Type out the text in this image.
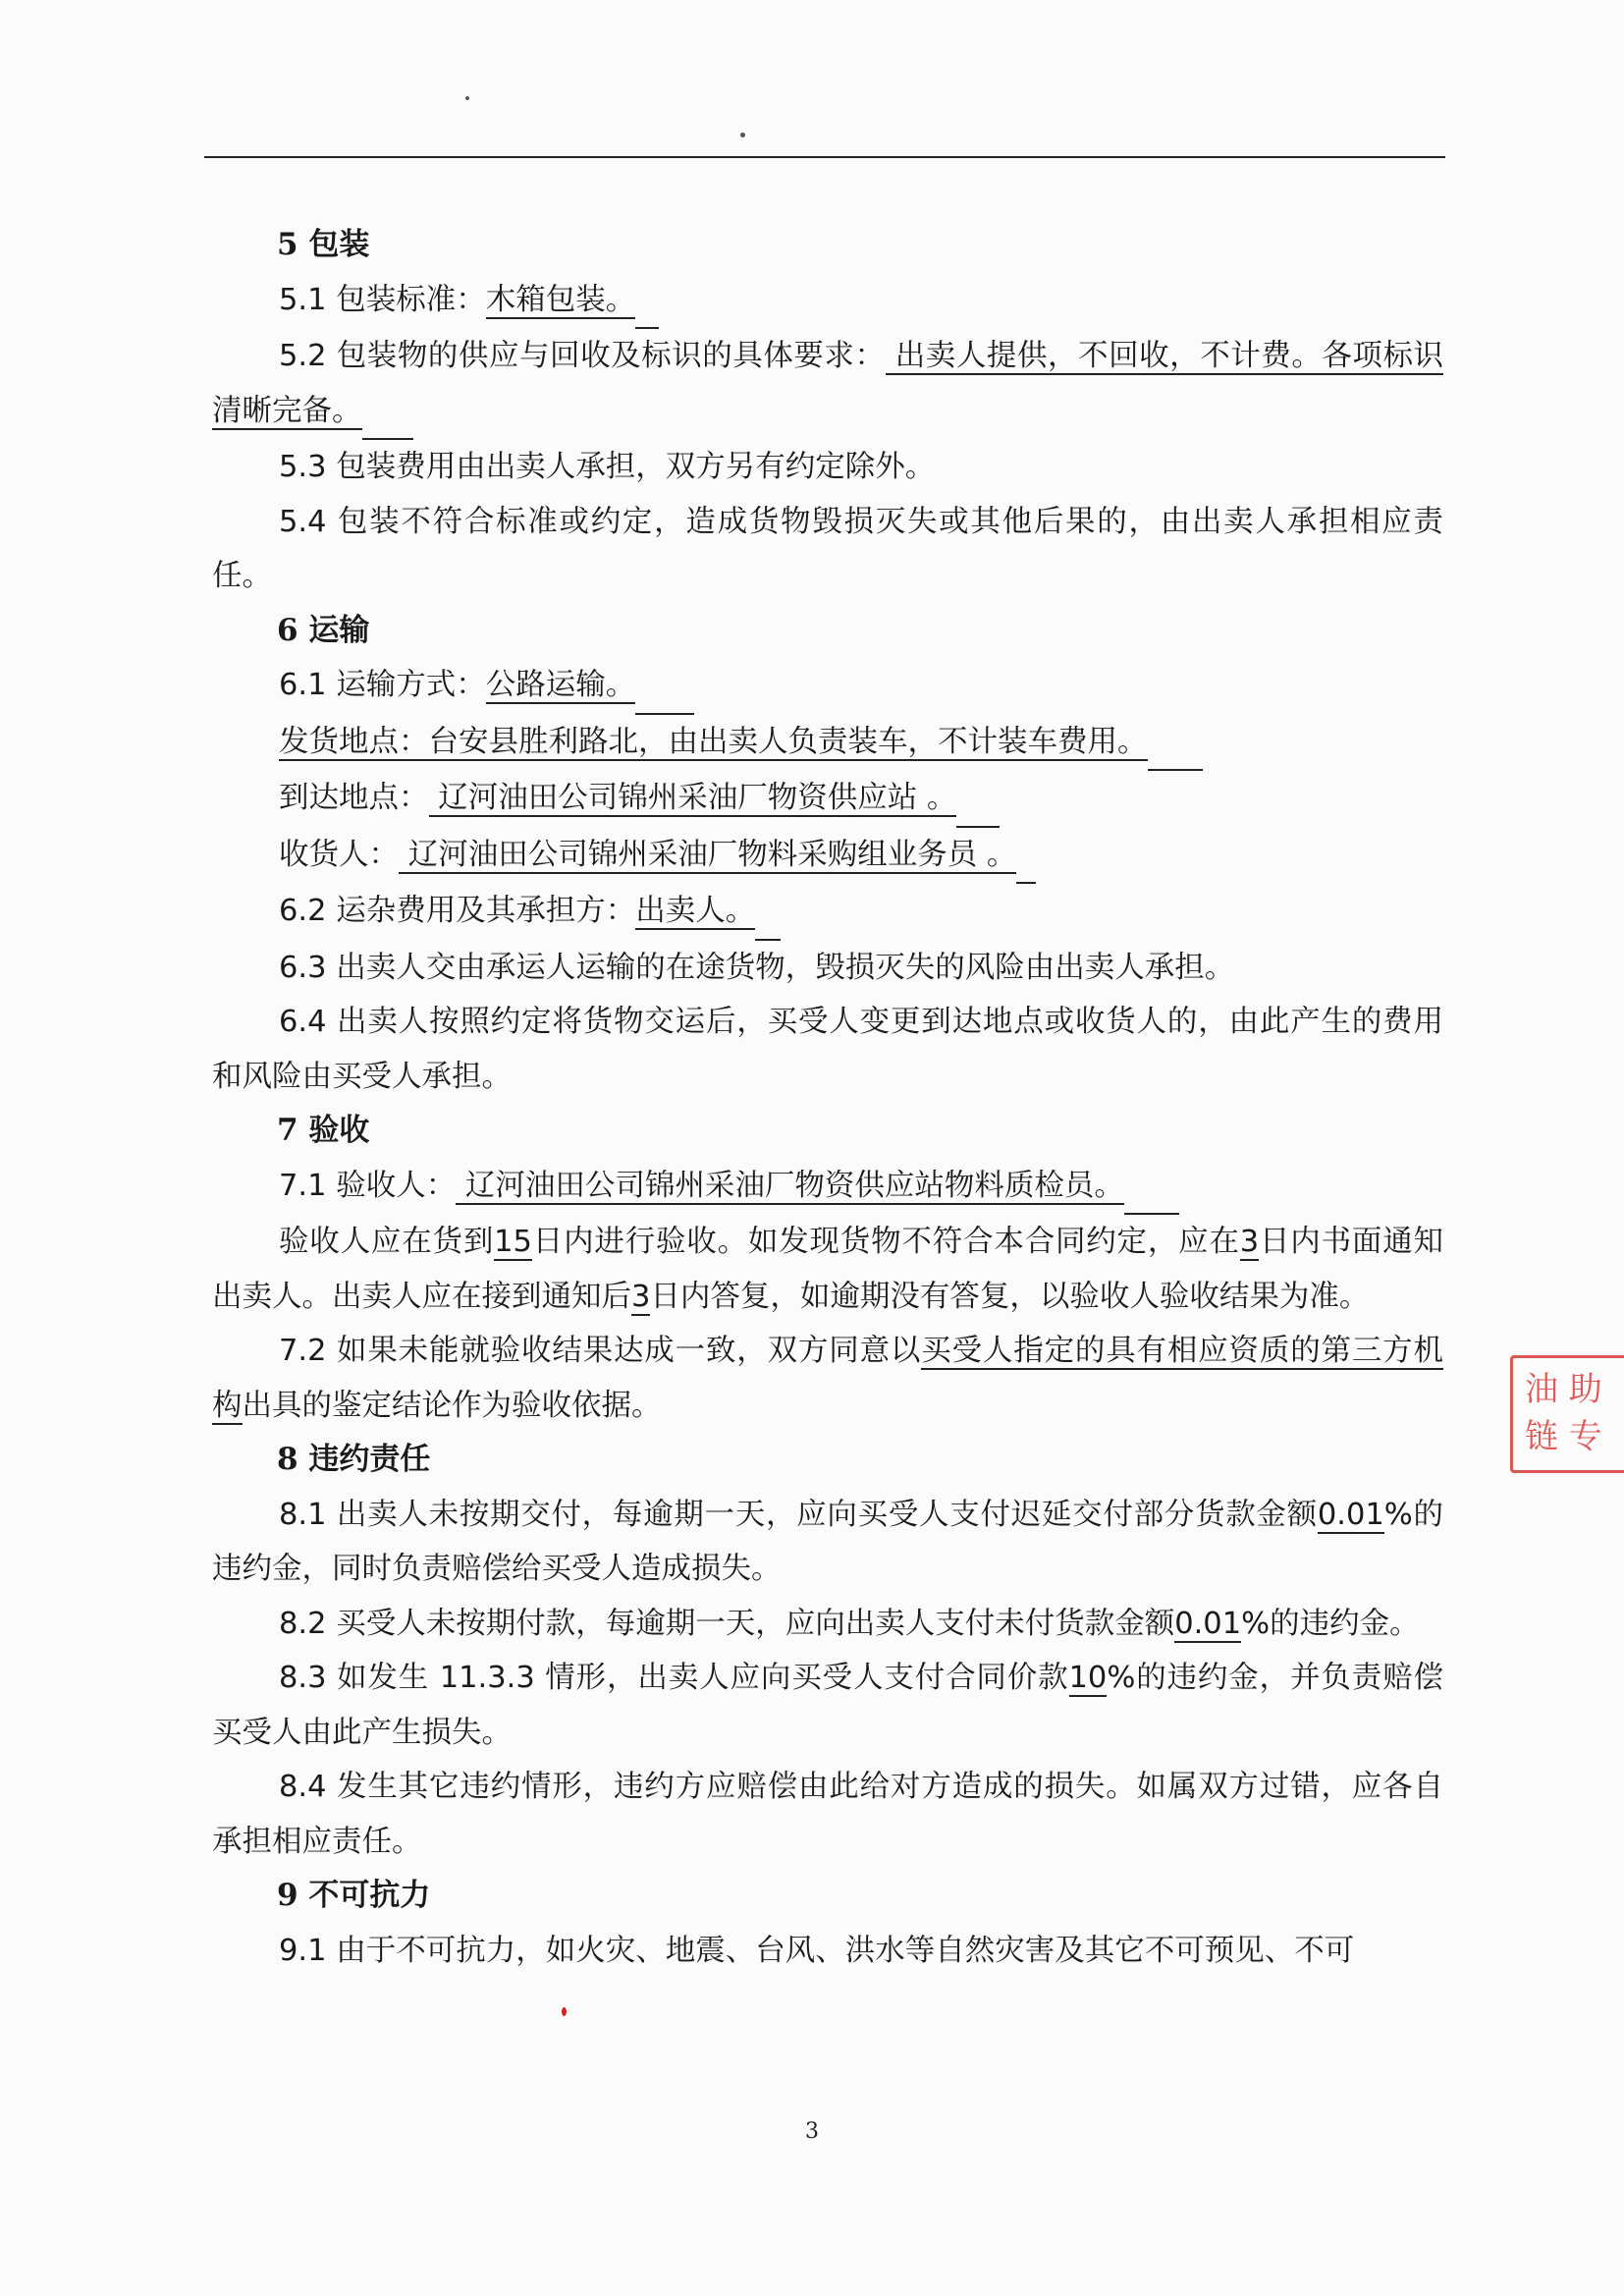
5 包装

5.1 包装标准：木箱包装。

5.2 包装物的供应与回收及标识的具体要求： 出卖人提供，不回收，不计费。各项标识清晰完备。

5.3 包装费用由出卖人承担，双方另有约定除外。

5.4 包装不符合标准或约定，造成货物毁损灭失或其他后果的，由出卖人承担相应责任。

6 运输

6.1 运输方式：公路运输。

发货地点：台安县胜利路北，由出卖人负责装车，不计装车费用。

到达地点： 辽河油田公司锦州采油厂物资供应站 。

收货人： 辽河油田公司锦州采油厂物料采购组业务员 。

6.2 运杂费用及其承担方：出卖人。

6.3 出卖人交由承运人运输的在途货物，毁损灭失的风险由出卖人承担。

6.4 出卖人按照约定将货物交运后，买受人变更到达地点或收货人的，由此产生的费用和风险由买受人承担。

7 验收

7.1 验收人： 辽河油田公司锦州采油厂物资供应站物料质检员。

验收人应在货到15日内进行验收。如发现货物不符合本合同约定，应在3日内书面通知出卖人。出卖人应在接到通知后3日内答复，如逾期没有答复，以验收人验收结果为准。

7.2 如果未能就验收结果达成一致，双方同意以买受人指定的具有相应资质的第三方机构出具的鉴定结论作为验收依据。

8 违约责任

8.1 出卖人未按期交付，每逾期一天，应向买受人支付迟延交付部分货款金额0.01%的违约金，同时负责赔偿给买受人造成损失。

8.2 买受人未按期付款，每逾期一天，应向出卖人支付未付货款金额0.01%的违约金。

8.3 如发生 11.3.3 情形，出卖人应向买受人支付合同价款10%的违约金，并负责赔偿买受人由此产生损失。

8.4 发生其它违约情形，违约方应赔偿由此给对方造成的损失。如属双方过错，应各自承担相应责任。

9 不可抗力

9.1 由于不可抗力，如火灾、地震、台风、洪水等自然灾害及其它不可预见、不可

油 助
链 专
3
